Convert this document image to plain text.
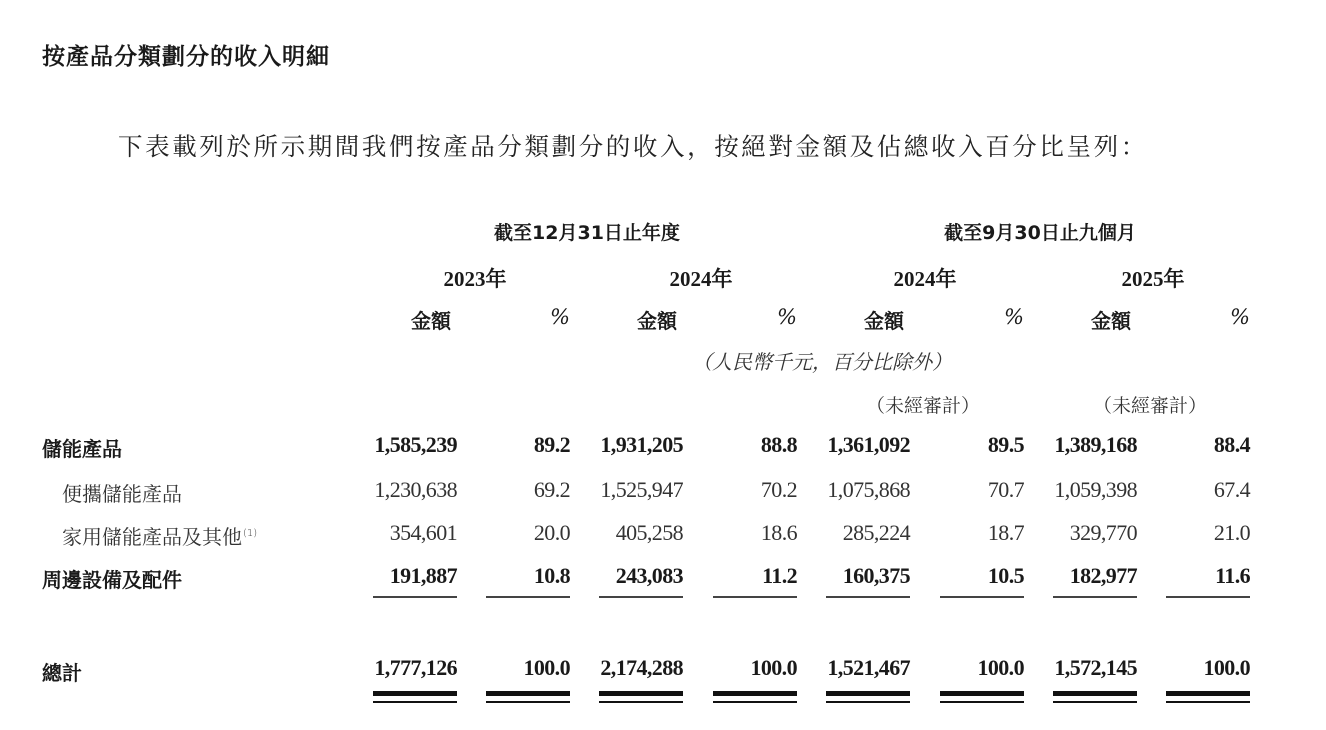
按產品分類劃分的收入明細
下表載列於所示期間我們按產品分類劃分的收入，按絕對金額及佔總收入百分比呈列：
截至12月31日止年度	截至9月30日止九個月
2023年	2024年	2024年	2025年
金額	%	金額	%	金額	%	金額	%
（人民幣千元，百分比除外）
（未經審計）	（未經審計）
儲能產品	1,585,239	89.2	1,931,205	88.8	1,361,092	89.5	1,389,168	88.4
便攜儲能產品	1,230,638	69.2	1,525,947	70.2	1,075,868	70.7	1,059,398	67.4
家用儲能產品及其他$^{(1)}$	354,601	20.0	405,258	18.6	285,224	18.7	329,770	21.0
周邊設備及配件	191,887	10.8	243,083	11.2	160,375	10.5	182,977	11.6
總計	1,777,126	100.0	2,174,288	100.0	1,521,467	100.0	1,572,145	100.0
